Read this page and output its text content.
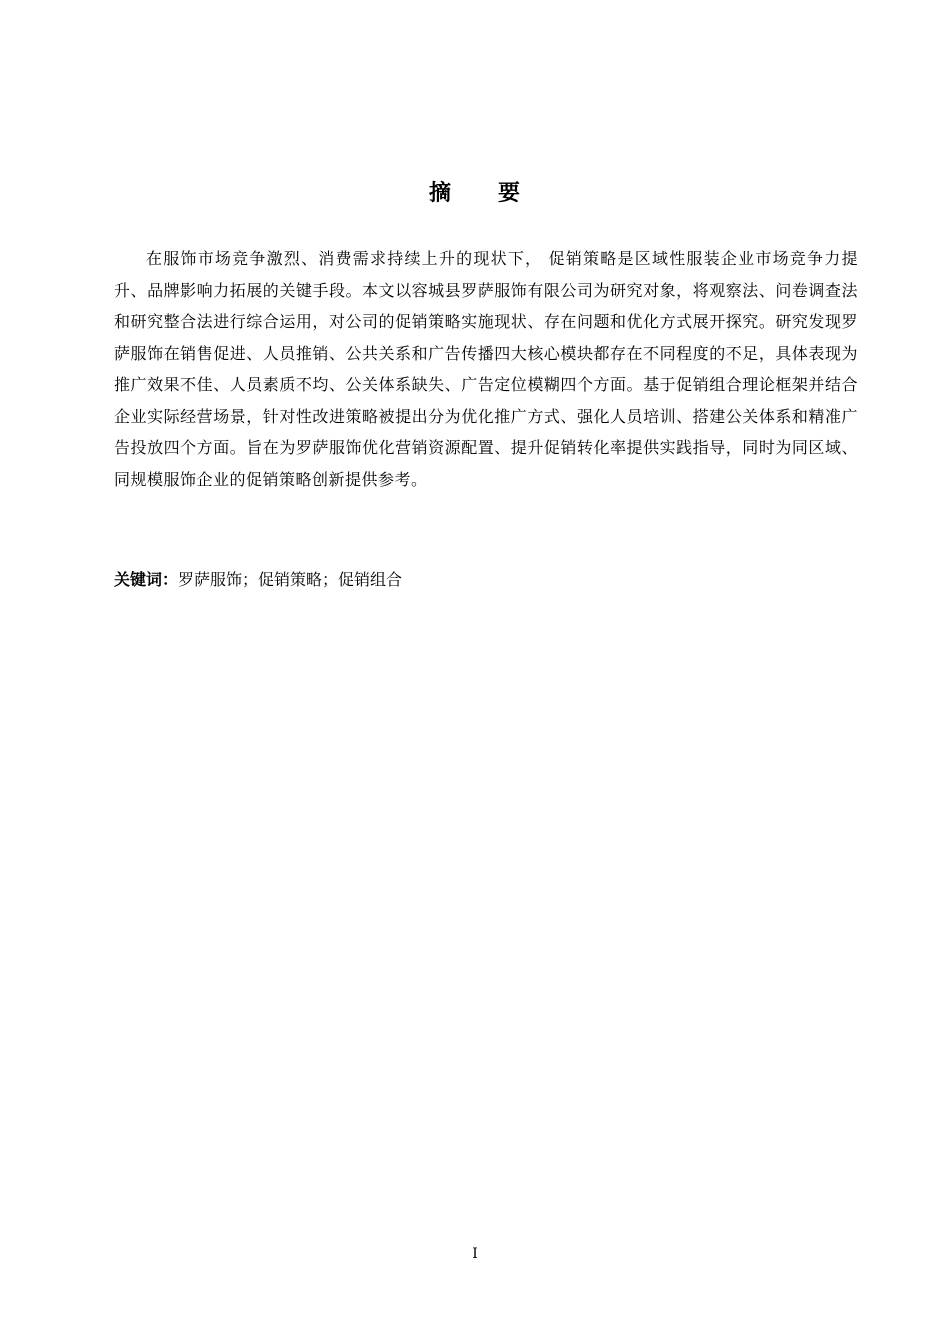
摘 要

在服饰市场竞争激烈、消费需求持续上升的现状下， 促销策略是区域性服装企业市场竞争力提升、品牌影响力拓展的关键手段。本文以容城县罗萨服饰有限公司为研究对象，将观察法、问卷调查法和研究整合法进行综合运用，对公司的促销策略实施现状、存在问题和优化方式展开探究。研究发现罗萨服饰在销售促进、人员推销、公共关系和广告传播四大核心模块都存在不同程度的不足，具体表现为推广效果不佳、人员素质不均、公关体系缺失、广告定位模糊四个方面。基于促销组合理论框架并结合企业实际经营场景，针对性改进策略被提出分为优化推广方式、强化人员培训、搭建公关体系和精准广告投放四个方面。旨在为罗萨服饰优化营销资源配置、提升促销转化率提供实践指导，同时为同区域、同规模服饰企业的促销策略创新提供参考。

关键词：罗萨服饰；促销策略；促销组合
I
